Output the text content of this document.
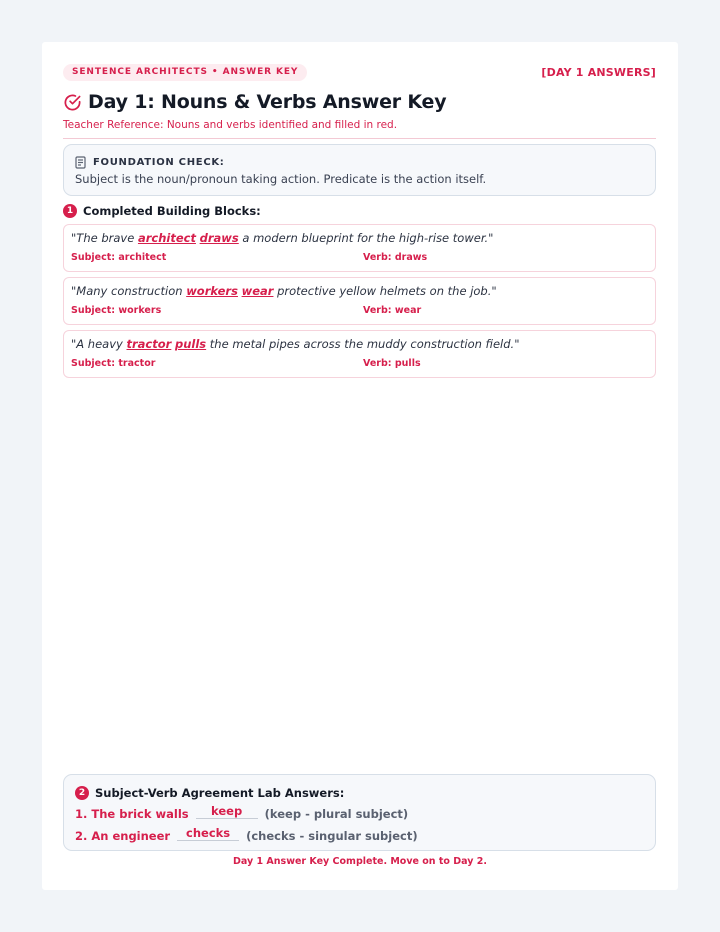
SENTENCE ARCHITECTS • ANSWER KEY	[DAY 1 ANSWERS]
Day 1: Nouns & Verbs Answer Key
Teacher Reference: Nouns and verbs identified and filled in red.
FOUNDATION CHECK:
Subject is the noun/pronoun taking action. Predicate is the action itself.
1 Completed Building Blocks:
"The brave architect draws a modern blueprint for the high-rise tower."
Subject: architect	Verb: draws
"Many construction workers wear protective yellow helmets on the job."
Subject: workers	Verb: wear
"A heavy tractor pulls the metal pipes across the muddy construction field."
Subject: tractor	Verb: pulls
2 Subject-Verb Agreement Lab Answers:
1. The brick walls	keep	(keep - plural subject)
2. An engineer	checks	(checks - singular subject)
Day 1 Answer Key Complete. Move on to Day 2.
